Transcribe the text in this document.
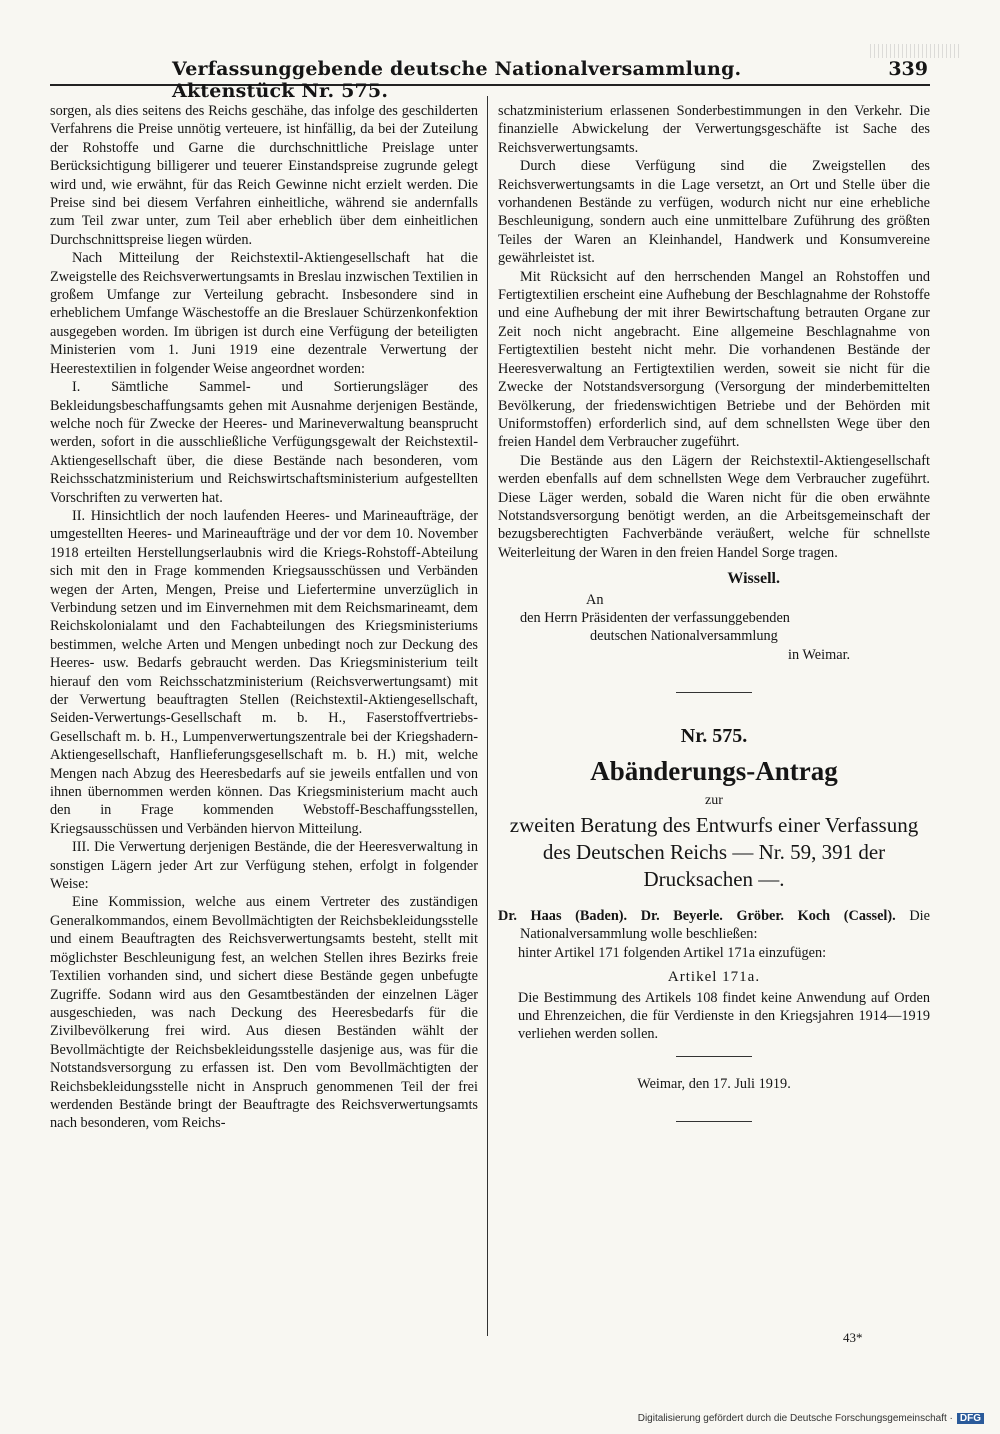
Verfassunggebende deutsche Nationalversammlung. Aktenstück Nr. 575.
339

sorgen, als dies seitens des Reichs geschähe, das infolge des geschilderten Verfahrens die Preise unnötig verteuere, ist hinfällig, da bei der Zuteilung der Rohstoffe und Garne die durchschnittliche Preislage unter Berücksichtigung billigerer und teuerer Einstandspreise zugrunde gelegt wird und, wie erwähnt, für das Reich Gewinne nicht erzielt werden. Die Preise sind bei diesem Verfahren einheitliche, während sie andernfalls zum Teil zwar unter, zum Teil aber erheblich über dem einheitlichen Durchschnittspreise liegen würden.

Nach Mitteilung der Reichstextil-Aktiengesellschaft hat die Zweigstelle des Reichsverwertungsamts in Breslau inzwischen Textilien in großem Umfange zur Verteilung gebracht. Insbesondere sind in erheblichem Umfange Wäschestoffe an die Breslauer Schürzenkonfektion ausgegeben worden. Im übrigen ist durch eine Verfügung der beteiligten Ministerien vom 1. Juni 1919 eine dezentrale Verwertung der Heerestextilien in folgender Weise angeordnet worden:

I. Sämtliche Sammel- und Sortierungsläger des Bekleidungsbeschaffungsamts gehen mit Ausnahme derjenigen Bestände, welche noch für Zwecke der Heeres- und Marineverwaltung beansprucht werden, sofort in die ausschließliche Verfügungsgewalt der Reichstextil-Aktiengesellschaft über, die diese Bestände nach besonderen, vom Reichsschatzministerium und Reichswirtschaftsministerium aufgestellten Vorschriften zu verwerten hat.

II. Hinsichtlich der noch laufenden Heeres- und Marineaufträge, der umgestellten Heeres- und Marineaufträge und der vor dem 10. November 1918 erteilten Herstellungserlaubnis wird die Kriegs-Rohstoff-Abteilung sich mit den in Frage kommenden Kriegsausschüssen und Verbänden wegen der Arten, Mengen, Preise und Liefertermine unverzüglich in Verbindung setzen und im Einvernehmen mit dem Reichsmarineamt, dem Reichskolonialamt und den Fachabteilungen des Kriegsministeriums bestimmen, welche Arten und Mengen unbedingt noch zur Deckung des Heeres- usw. Bedarfs gebraucht werden. Das Kriegsministerium teilt hierauf den vom Reichsschatzministerium (Reichsverwertungsamt) mit der Verwertung beauftragten Stellen (Reichstextil-Aktiengesellschaft, Seiden-Verwertungs-Gesellschaft m. b. H., Faserstoffvertriebs-Gesellschaft m. b. H., Lumpenverwertungszentrale bei der Kriegshadern-Aktiengesellschaft, Hanflieferungsgesellschaft m. b. H.) mit, welche Mengen nach Abzug des Heeresbedarfs auf sie jeweils entfallen und von ihnen übernommen werden können. Das Kriegsministerium macht auch den in Frage kommenden Webstoff-Beschaffungsstellen, Kriegsausschüssen und Verbänden hiervon Mitteilung.

III. Die Verwertung derjenigen Bestände, die der Heeresverwaltung in sonstigen Lägern jeder Art zur Verfügung stehen, erfolgt in folgender Weise:

Eine Kommission, welche aus einem Vertreter des zuständigen Generalkommandos, einem Bevollmächtigten der Reichsbekleidungsstelle und einem Beauftragten des Reichsverwertungsamts besteht, stellt mit möglichster Beschleunigung fest, an welchen Stellen ihres Bezirks freie Textilien vorhanden sind, und sichert diese Bestände gegen unbefugte Zugriffe. Sodann wird aus den Gesamtbeständen der einzelnen Läger ausgeschieden, was nach Deckung des Heeresbedarfs für die Zivilbevölkerung frei wird. Aus diesen Beständen wählt der Bevollmächtigte der Reichsbekleidungsstelle dasjenige aus, was für die Notstandsversorgung zu erfassen ist. Den vom Bevollmächtigten der Reichsbekleidungsstelle nicht in Anspruch genommenen Teil der frei werdenden Bestände bringt der Beauftragte des Reichsverwertungsamts nach besonderen, vom Reichs-

schatzministerium erlassenen Sonderbestimmungen in den Verkehr. Die finanzielle Abwickelung der Verwertungsgeschäfte ist Sache des Reichsverwertungsamts.

Durch diese Verfügung sind die Zweigstellen des Reichsverwertungsamts in die Lage versetzt, an Ort und Stelle über die vorhandenen Bestände zu verfügen, wodurch nicht nur eine erhebliche Beschleunigung, sondern auch eine unmittelbare Zuführung des größten Teiles der Waren an Kleinhandel, Handwerk und Konsumvereine gewährleistet ist.

Mit Rücksicht auf den herrschenden Mangel an Rohstoffen und Fertigtextilien erscheint eine Aufhebung der Beschlagnahme der Rohstoffe und eine Aufhebung der mit ihrer Bewirtschaftung betrauten Organe zur Zeit noch nicht angebracht. Eine allgemeine Beschlagnahme von Fertigtextilien besteht nicht mehr. Die vorhandenen Bestände der Heeresverwaltung an Fertigtextilien werden, soweit sie nicht für die Zwecke der Notstandsversorgung (Versorgung der minderbemittelten Bevölkerung, der friedenswichtigen Betriebe und der Behörden mit Uniformstoffen) erforderlich sind, auf dem schnellsten Wege über den freien Handel dem Verbraucher zugeführt.

Die Bestände aus den Lägern der Reichstextil-Aktiengesellschaft werden ebenfalls auf dem schnellsten Wege dem Verbraucher zugeführt. Diese Läger werden, sobald die Waren nicht für die oben erwähnte Notstandsversorgung benötigt werden, an die Arbeitsgemeinschaft der bezugsberechtigten Fachverbände veräußert, welche für schnellste Weiterleitung der Waren in den freien Handel Sorge tragen.

Wissell.

An

den Herrn Präsidenten der verfassunggebenden

deutschen Nationalversammlung

in Weimar.

Nr. 575.
Abänderungs-Antrag
zur
zweiten Beratung des Entwurfs einer Verfassung des Deutschen Reichs — Nr. 59, 391 der Drucksachen —.

Dr. Haas (Baden). Dr. Beyerle. Gröber. Koch (Cassel). Die Nationalversammlung wolle beschließen:

hinter Artikel 171 folgenden Artikel 171a einzufügen:

Artikel 171a.

Die Bestimmung des Artikels 108 findet keine Anwendung auf Orden und Ehrenzeichen, die für Verdienste in den Kriegsjahren 1914—1919 verliehen werden sollen.

Weimar, den 17. Juli 1919.
43*
Digitalisierung gefördert durch die Deutsche Forschungsgemeinschaft · DFG
